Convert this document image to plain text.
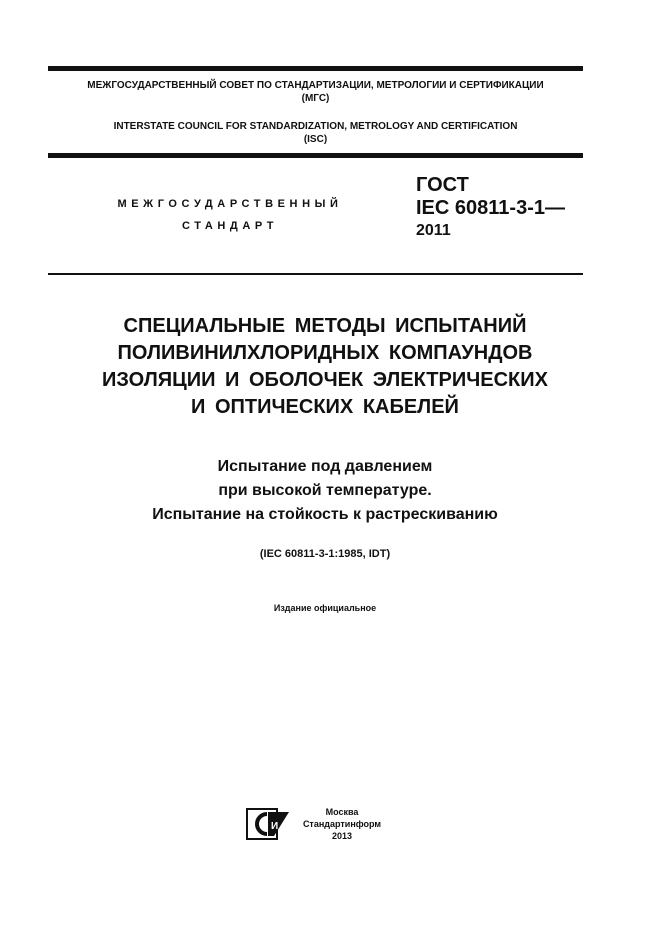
МЕЖГОСУДАРСТВЕННЫЙ СОВЕТ ПО СТАНДАРТИЗАЦИИ, МЕТРОЛОГИИ И СЕРТИФИКАЦИИ
(МГС)
INTERSTATE COUNCIL FOR STANDARDIZATION, METROLOGY AND CERTIFICATION
(ISC)
МЕЖГОСУДАРСТВЕННЫЙ
СТАНДАРТ
ГОСТ
IEC 60811-3-1—
2011
СПЕЦИАЛЬНЫЕ МЕТОДЫ ИСПЫТАНИЙ
ПОЛИВИНИЛХЛОРИДНЫХ КОМПАУНДОВ
ИЗОЛЯЦИИ И ОБОЛОЧЕК ЭЛЕКТРИЧЕСКИХ
И ОПТИЧЕСКИХ КАБЕЛЕЙ
Испытание под давлением
при высокой температуре.
Испытание на стойкость к растрескиванию
(IEC 60811-3-1:1985, IDT)
Издание официальное
И
Москва
Стандартинформ
2013
